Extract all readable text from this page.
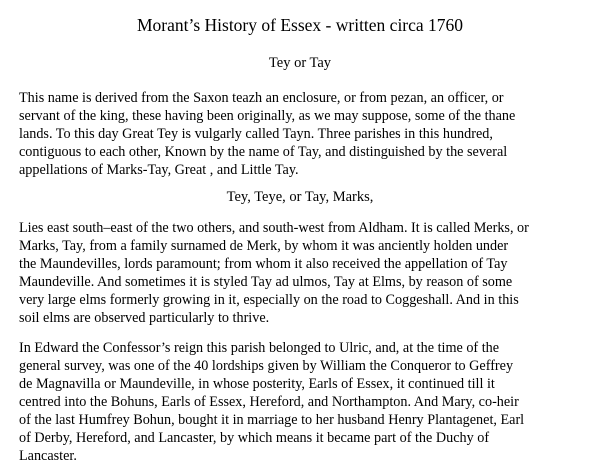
Morant’s History of Essex - written circa 1760
Tey or Tay

This name is derived from the Saxon teazh an enclosure, or from pezan, an officer, or
servant of the king, these having been originally, as we may suppose, some of the thane
lands. To this day Great Tey is vulgarly called Tayn. Three parishes in this hundred,
contiguous to each other, Known by the name of Tay, and distinguished by the several
appellations of Marks-Tay, Great , and Little Tay.

Tey, Teye, or Tay, Marks,

Lies east south–east of the two others, and south-west from Aldham. It is called Merks, or
Marks, Tay, from a family surnamed de Merk, by whom it was anciently holden under
the Maundevilles, lords paramount; from whom it also received the appellation of Tay
Maundeville. And sometimes it is styled Tay ad ulmos, Tay at Elms, by reason of some
very large elms formerly growing in it, especially on the road to Coggeshall. And in this
soil elms are observed particularly to thrive.

In Edward the Confessor’s reign this parish belonged to Ulric, and, at the time of the
general survey, was one of the 40 lordships given by William the Conqueror to Geffrey
de Magnavilla or Maundeville, in whose posterity, Earls of Essex, it continued till it
centred into the Bohuns, Earls of Essex, Hereford, and Northampton. And Mary, co-heir
of the last Humfrey Bohun, bought it in marriage to her husband Henry Plantagenet, Earl
of Derby, Hereford, and Lancaster, by which means it became part of the Duchy of
Lancaster.
